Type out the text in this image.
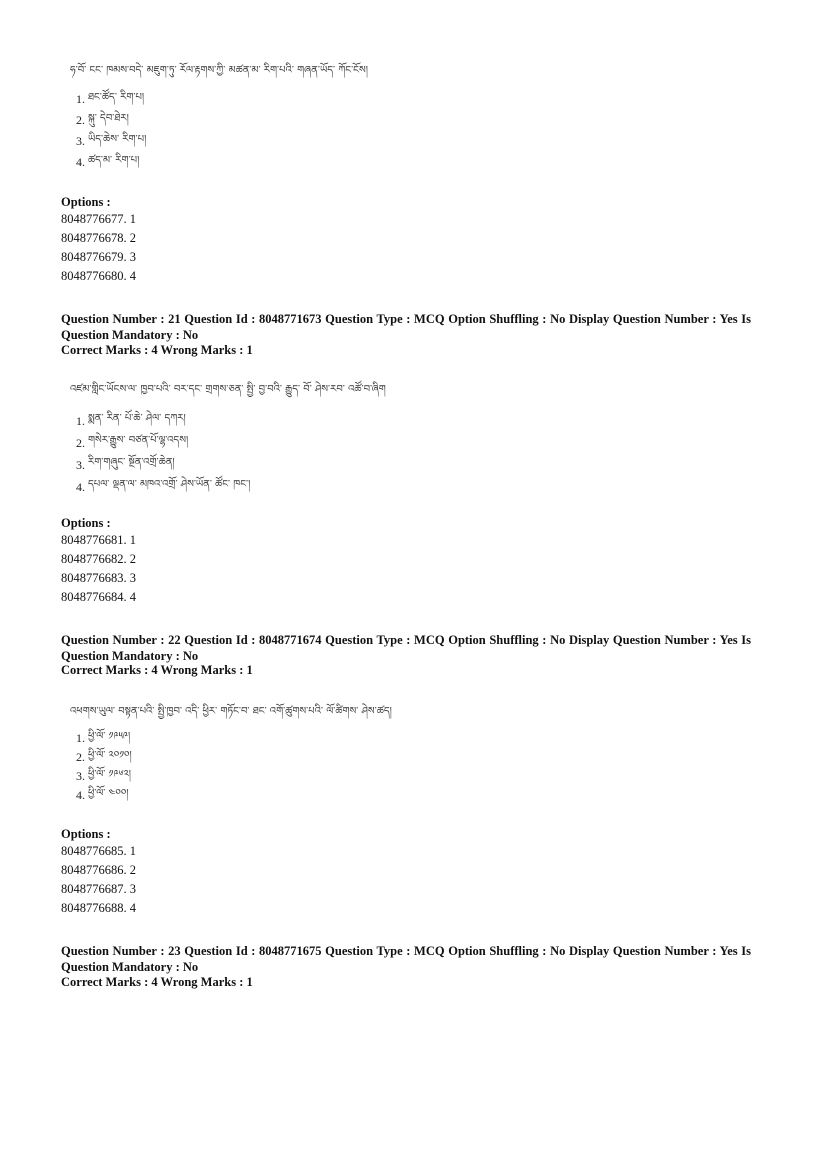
ཧ་བོ་ ངང་ ཁམས་བདེ་ མཇུག་ཏུ་ རོལ་རྟགས་ཀྱི་ མཚན་མ་ རིག་པའི་ གཞན་ཡོད་ ཀོང་ངོས།
1. ཐང་ཚོད་ རིག་པ།
2. སྐུ་ དེབ་ཐེར།
3. ཡིད་ཆེས་ རིག་པ།
4. ཚད་མ་ རིག་པ།
Options :
8048776677. 1
8048776678. 2
8048776679. 3
8048776680. 4
Question Number : 21 Question Id : 8048771673 Question Type : MCQ Option Shuffling : No Display Question Number : Yes Is Question Mandatory : No
Correct Marks : 4 Wrong Marks : 1
འཛམ་གླིང་ཡོངས་ལ་ ཁྱབ་པའི་ བར་དང་ གྲགས་ཅན་ སྤྱི་ བྱ་བའི་ རྒྱུད་ བོ་ ཤེས་རབ་ འཚོ་བ་ཞིག
1. སྨན་ རིན་ པོ་ཆེ་ ཤེལ་ དཀར།
2. གསེར་རྒྱུས་ བཙན་པོ་ལྷ་འདས།
3. རིག་གཞུང་ སྔོན་འགྲོ་ཆེན།
4. དཔལ་ ལྡན་ལ་ མཁའ་འགྲོ་ ཤེས་ཡོན་ ཚོང་ ཁང་།
Options :
8048776681. 1
8048776682. 2
8048776683. 3
8048776684. 4
Question Number : 22 Question Id : 8048771674 Question Type : MCQ Option Shuffling : No Display Question Number : Yes Is Question Mandatory : No
Correct Marks : 4 Wrong Marks : 1
འཕགས་ཡུལ་ བསྟན་པའི་ སྤྱི་ཁྱབ་ འདི་ ཕྱིར་ གཏོང་བ་ ཐང་ འགོ་ཚུགས་པའི་ ལོ་ཚིགས་ ཤེས་ཚད།
1. ཕྱི་ལོ་ ༡༩༥༩།
2. ཕྱི་ལོ་ ༢༠༡༠།
3. ཕྱི་ལོ་ ༡༩༦༢།
4. ཕྱི་ལོ་ ༤༠༠།
Options :
8048776685. 1
8048776686. 2
8048776687. 3
8048776688. 4
Question Number : 23 Question Id : 8048771675 Question Type : MCQ Option Shuffling : No Display Question Number : Yes Is Question Mandatory : No
Correct Marks : 4 Wrong Marks : 1
